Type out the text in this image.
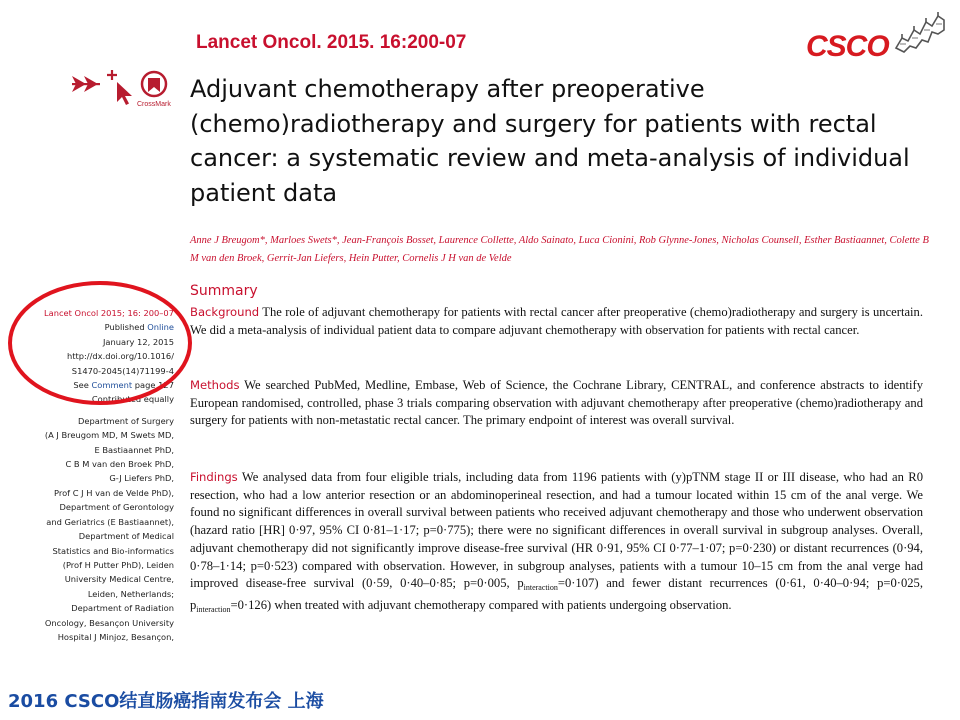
Lancet Oncol. 2015. 16:200-07	CSCO
CrossMark
Adjuvant chemotherapy after preoperative (chemo)radiotherapy and surgery for patients with rectal cancer: a systematic review and meta-analysis of individual patient data

Anne J Breugom*, Marloes Swets*, Jean-François Bosset, Laurence Collette, Aldo Sainato, Luca Cionini, Rob Glynne-Jones, Nicholas Counsell, Esther Bastiaannet, Colette B M van den Broek, Gerrit-Jan Liefers, Hein Putter, Cornelis J H van de Velde

Summary

Background The role of adjuvant chemotherapy for patients with rectal cancer after preoperative (chemo)radiotherapy and surgery is uncertain. We did a meta-analysis of individual patient data to compare adjuvant chemotherapy with observation for patients with rectal cancer.

Methods We searched PubMed, Medline, Embase, Web of Science, the Cochrane Library, CENTRAL, and conference abstracts to identify European randomised, controlled, phase 3 trials comparing observation with adjuvant chemotherapy after preoperative (chemo)radiotherapy and surgery for patients with non-metastatic rectal cancer. The primary endpoint of interest was overall survival.

Findings We analysed data from four eligible trials, including data from 1196 patients with (y)pTNM stage II or III disease, who had an R0 resection, who had a low anterior resection or an abdominoperineal resection, and had a tumour located within 15 cm of the anal verge. We found no significant differences in overall survival between patients who received adjuvant chemotherapy and those who underwent observation (hazard ratio [HR] 0·97, 95% CI 0·81–1·17; p=0·775); there were no significant differences in overall survival in subgroup analyses. Overall, adjuvant chemotherapy did not significantly improve disease-free survival (HR 0·91, 95% CI 0·77–1·07; p=0·230) or distant recurrences (0·94, 0·78–1·14; p=0·523) compared with observation. However, in subgroup analyses, patients with a tumour 10–15 cm from the anal verge had improved disease-free survival (0·59, 0·40–0·85; p=0·005, $p_{interaction}=0\cdot 107$) and fewer distant recurrences (0·61, 0·40–0·94; p=0·025, $p_{interaction}=0\cdot 126$) when treated with adjuvant chemotherapy compared with patients undergoing observation.

Lancet Oncol 2015; 16: 200–07

Published Online

January 12, 2015

http://dx.doi.org/10.1016/

S1470-2045(14)71199-4

See Comment page 127

Contributed equally

Department of Surgery

(A J Breugom MD, M Swets MD,

E Bastiaannet PhD,

C B M van den Broek PhD,

G-J Liefers PhD,

Prof C J H van de Velde PhD),

Department of Gerontology

and Geriatrics (E Bastiaannet),

Department of Medical

Statistics and Bio-informatics

(Prof H Putter PhD), Leiden

University Medical Centre,

Leiden, Netherlands;

Department of Radiation

Oncology, Besançon University

Hospital J Minjoz, Besançon,

2016 CSCO结直肠癌指南发布会 上海
